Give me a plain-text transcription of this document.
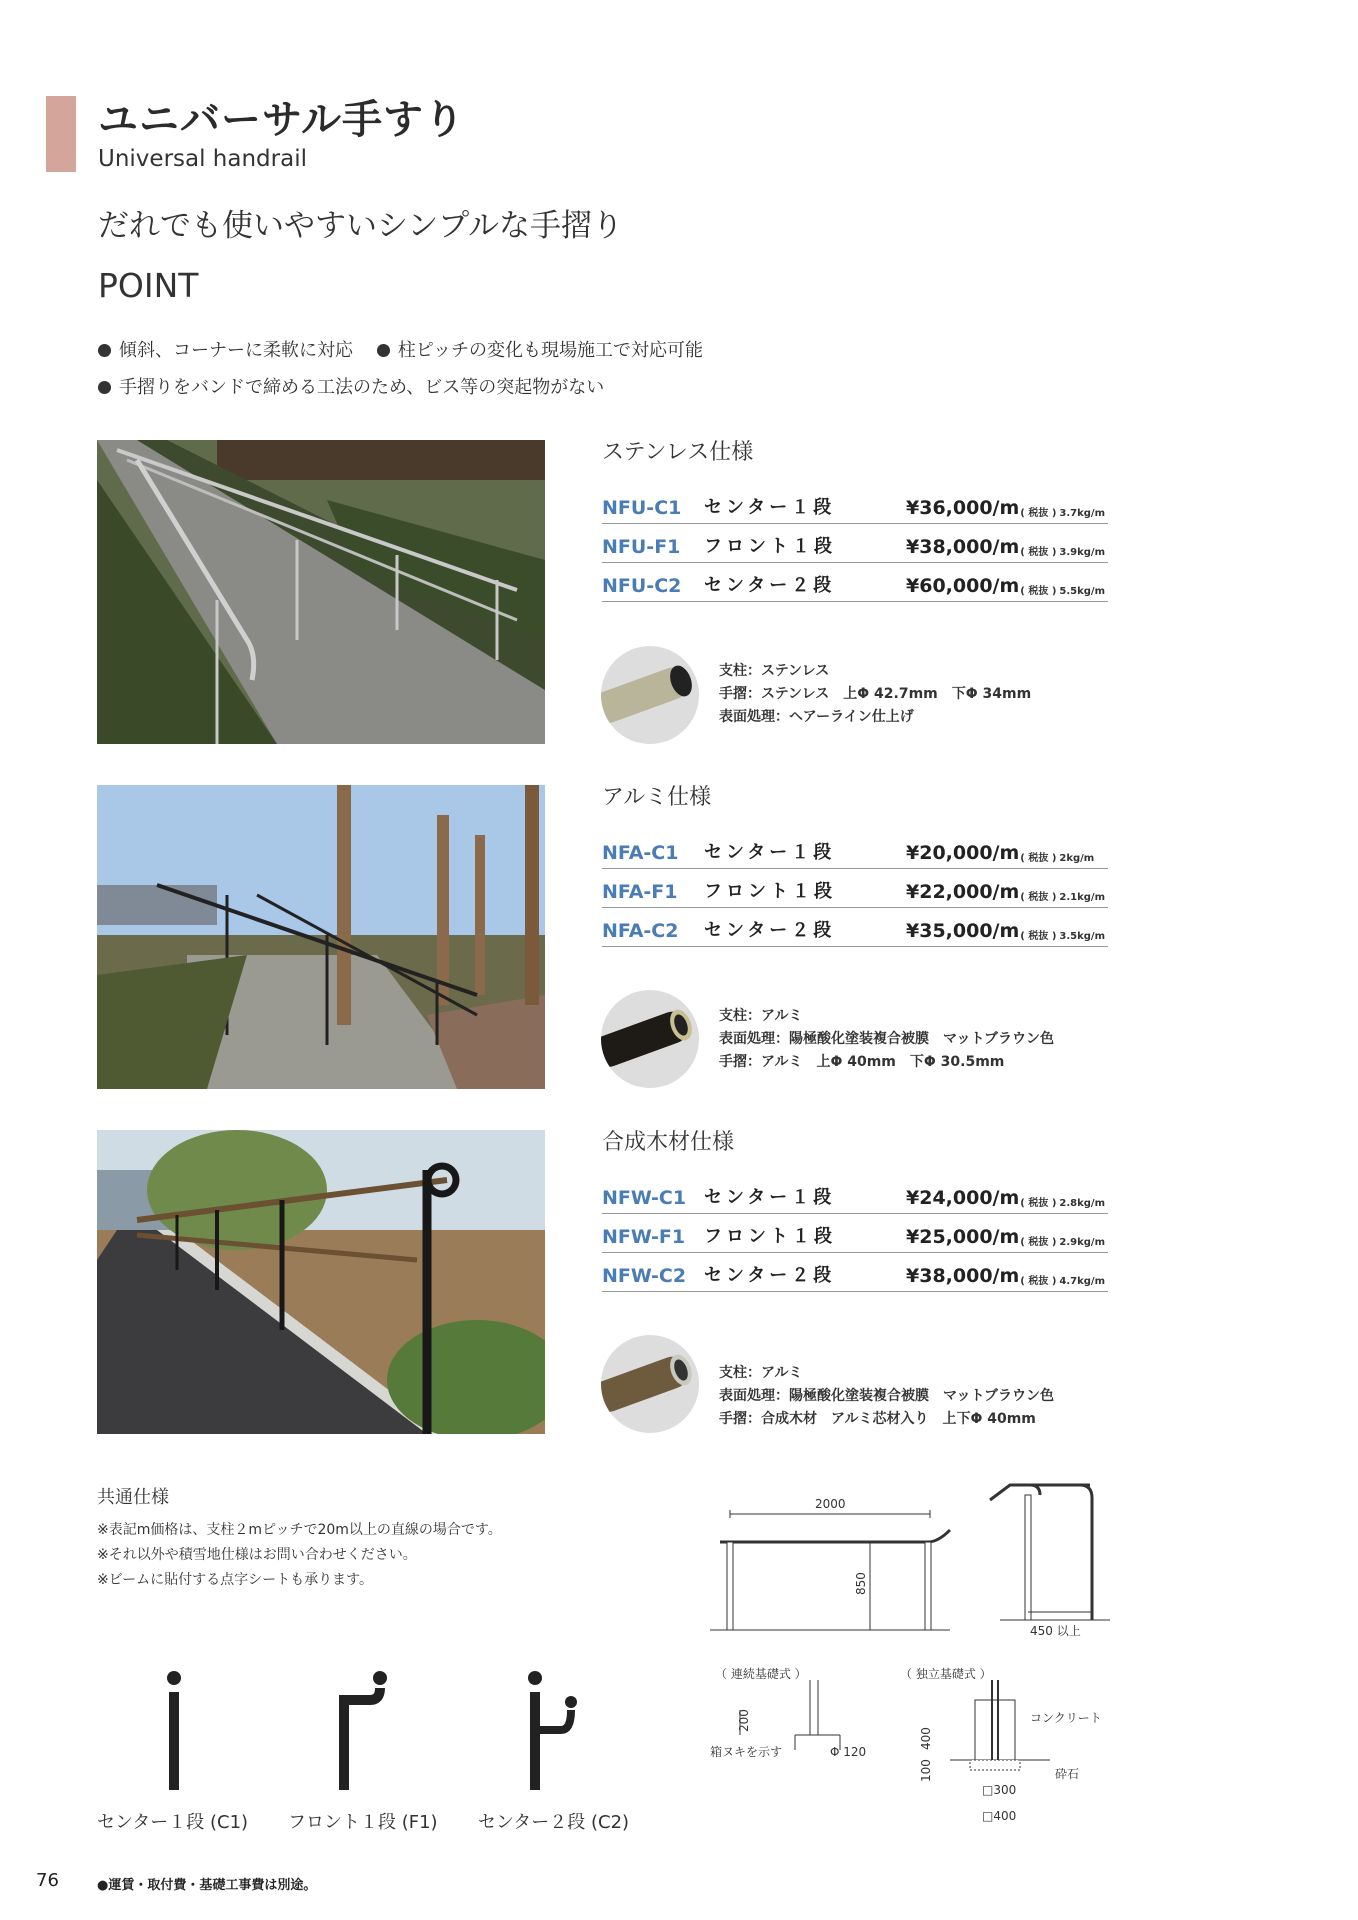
ユニバーサル手すり
Universal handrail
だれでも使いやすいシンプルな手摺り
POINT
傾斜、コーナーに柔軟に対応 柱ピッチの変化も現場施工で対応可能
手摺りをバンドで締める工法のため、ビス等の突起物がない
ステンレス仕様
NFU-C1	センター１段	¥36,000/m ( 税抜 ) 3.7kg/m
NFU-F1	フロント１段	¥38,000/m ( 税抜 ) 3.9kg/m
NFU-C2	センター２段	¥60,000/m ( 税抜 ) 5.5kg/m
支柱：ステンレス
手摺：ステンレス　上Φ 42.7mm　下Φ 34mm
表面処理：ヘアーライン仕上げ
アルミ仕様
NFA-C1	センター１段	¥20,000/m ( 税抜 ) 2kg/m
NFA-F1	フロント１段	¥22,000/m ( 税抜 ) 2.1kg/m
NFA-C2	センター２段	¥35,000/m ( 税抜 ) 3.5kg/m
支柱：アルミ
表面処理：陽極酸化塗装複合被膜　マットブラウン色
手摺：アルミ　上Φ 40mm　下Φ 30.5mm
合成木材仕様
NFW-C1 センター１段	¥24,000/m ( 税抜 ) 2.8kg/m
NFW-F1	フロント１段	¥25,000/m ( 税抜 ) 2.9kg/m
NFW-C2 センター２段	¥38,000/m ( 税抜 ) 4.7kg/m
支柱：アルミ
表面処理：陽極酸化塗装複合被膜　マットブラウン色
手摺：合成木材　アルミ芯材入り　上下Φ 40mm
共通仕様
※表記m価格は、支柱２mピッチで20m以上の直線の場合です。
※それ以外や積雪地仕様はお問い合わせください。
※ビームに貼付する点字シートも承ります。
センター１段 (C1) フロント１段 (F1) センター２段 (C2)
2000
850
450 以上
（ 連続基礎式 ）
200
箱ヌキを示す	Φ 120
（ 独立基礎式 ）
コンクリート
砕石
400
100
□300
□400
76	●運賃・取付費・基礎工事費は別途。
